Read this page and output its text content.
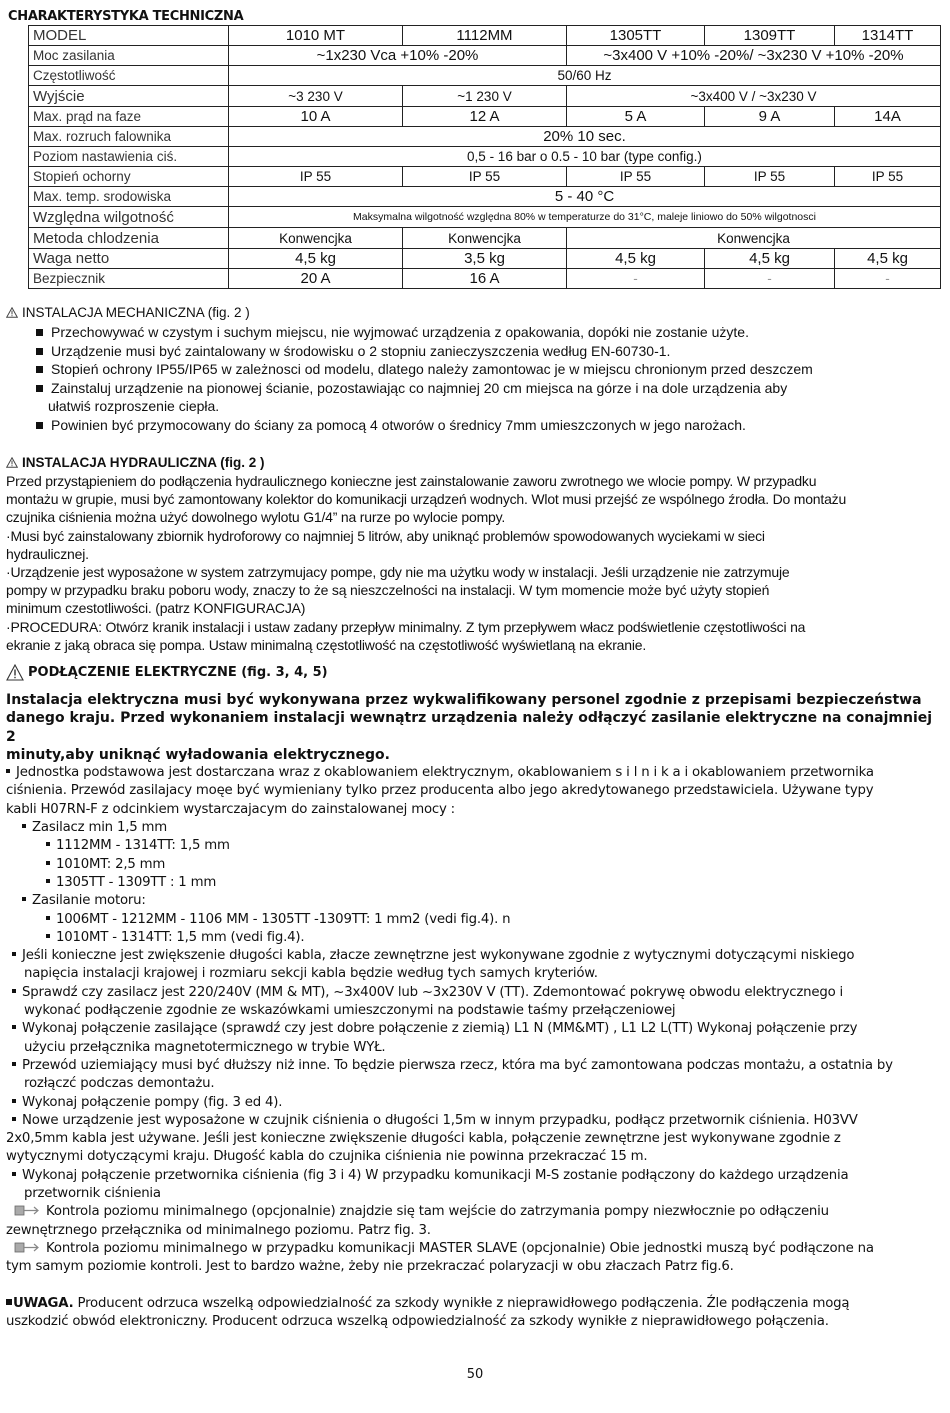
CHARAKTERYSTYKA TECHNICZNA
MODEL	1010 MT	1112MM	1305TT	1309TT	1314TT
Moc zasilania	~1x230 Vca +10% -20%		~3x400 V +10% -20%/ ~3x230 V +10% -20%		
Częstotliwość	50/60 Hz				
Wyjście	~3 230 V	~1 230 V	~3x400 V / ~3x230 V		
Max. prąd na faze	10 A	12 A	5 A	9 A	14A
Max. rozruch falownika	20% 10 sec.				
Poziom nastawienia ciś.	0,5 - 16 bar o 0.5 - 10 bar (type config.)				
Stopień ochorny	IP 55	IP 55	IP 55	IP 55	IP 55
Max. temp. srodowiska	5 - 40 °C				
Względna wilgotność	Maksymalna wilgotność względna 80% w temperaturze do 31°C, maleje liniowo do 50% wilgotnosci				
Metoda chlodzenia	Konwencjka	Konwencjka	Konwencjka		
Waga netto	4,5 kg	3,5 kg	4,5 kg	4,5 kg	4,5 kg
Bezpiecznik	20 A	16 A	-	-	-
INSTALACJA MECHANICZNA (fig. 2 )
Przechowywać w czystym i suchym miejscu, nie wyjmować urządzenia z opakowania, dopóki nie zostanie użyte.
Urządzenie musi być zaintalowany w środowisku o 2 stopniu zanieczyszczenia według EN-60730-1.
Stopień ochrony IP55/IP65 w zależnosci od modelu, dlatego należy zamontowac je w miejscu chronionym przed deszczem
Zainstaluj urządzenie na pionowej ścianie, pozostawiając co najmniej 20 cm miejsca na górze i na dole urządzenia aby
ułatwiś rozproszenie ciepła.
Powinien być przymocowany do ściany za pomocą 4 otworów o średnicy 7mm umieszczonych w jego narożach.
INSTALACJA HYDRAULICZNA (fig. 2 )
Przed przystąpieniem do podłączenia hydraulicznego konieczne jest zainstalowanie zaworu zwrotnego we wlocie pompy. W przypadku
montażu w grupie, musi być zamontowany kolektor do komunikacji urządzeń wodnych. Wlot musi przejść ze wspólnego źrodła. Do montażu
czujnika ciśnienia można użyć dowolnego wylotu G1/4” na rurze po wylocie pompy.
·Musi być zainstalowany zbiornik hydroforowy co najmniej 5 litrów, aby uniknąć problemów spowodowanych wyciekami w sieci
hydraulicznej.
·Urządzenie jest wyposażone w system zatrzymujacy pompe, gdy nie ma użytku wody w instalacji. Jeśli urządzenie nie zatrzymuje
pompy w przypadku braku poboru wody, znaczy to że są nieszczelności na instalacji. W tym momencie może być użyty stopień
minimum czestotliwości. (patrz KONFIGURACJA)
·PROCEDURA: Otwórz kranik instalacji i ustaw zadany przepływ minimalny. Z tym przepływem włacz podświetlenie częstotliwości na
ekranie z jaką obraca się pompa. Ustaw minimalną częstotliwość na częstotliwość wyświetlaną na ekranie.
PODŁĄCZENIE ELEKTRYCZNE (fig. 3, 4, 5)
Instalacja elektryczna musi być wykonywana przez wykwalifikowany personel zgodnie z przepisami bezpieczeństwa
danego kraju. Przed wykonaniem instalacji wewnątrz urządzenia należy odłączyć zasilanie elektryczne na conajmniej 2
minuty,aby uniknąć wyładowania elektrycznego.
Jednostka podstawowa jest dostarczana wraz z okablowaniem elektrycznym, okablowaniem s i l n i k a i okablowaniem przetwornika
ciśnienia. Przewód zasilajacy moęe być wymieniany tylko przez producenta albo jego akredytowanego przedstawiciela. Używane typy
kabli H07RN-F z odcinkiem wystarczajacym do zainstalowanej mocy :
Zasilacz min 1,5 mm
1112MM - 1314TT: 1,5 mm
1010MT: 2,5 mm
1305TT - 1309TT : 1 mm
Zasilanie motoru:
1006MT - 1212MM - 1106 MM - 1305TT -1309TT: 1 mm2 (vedi fig.4). n
1010MT - 1314TT: 1,5 mm (vedi fig.4).
Jeśli konieczne jest zwiększenie długości kabla, złacze zewnętrzne jest wykonywane zgodnie z wytycznymi dotyczącymi niskiego
napięcia instalacji krajowej i rozmiaru sekcji kabla będzie według tych samych kryteriów.
Sprawdź czy zasilacz jest 220/240V (MM & MT), ~3x400V lub ~3x230V V (TT). Zdemontować pokrywę obwodu elektrycznego i
wykonać podłączenie zgodnie ze wskazówkami umieszczonymi na podstawie taśmy przełączeniowej
Wykonaj połączenie zasilające (sprawdź czy jest dobre połączenie z ziemią) L1 N (MM&MT) , L1 L2 L(TT) Wykonaj połączenie przy
użyciu przełącznika magnetotermicznego w trybie WYŁ.
Przewód uziemiający musi być dłuższy niż inne. To będzie pierwsza rzecz, która ma być zamontowana podczas montażu, a ostatnia by
rozłączć podczas demontażu.
Wykonaj połączenie pompy (fig. 3 ed 4).
Nowe urządzenie jest wyposażone w czujnik ciśnienia o długości 1,5m w innym przypadku, podłącz przetwornik ciśnienia. H03VV
2x0,5mm kabla jest używane. Jeśli jest konieczne zwiększenie długości kabla, połączenie zewnętrzne jest wykonywane zgodnie z
wytycznymi dotyczącymi kraju. Długość kabla do czujnika ciśnienia nie powinna przekraczać 15 m.
Wykonaj połączenie przetwornika ciśnienia (fig 3 i 4) W przypadku komunikacji M-S zostanie podłączony do każdego urządzenia
przetwornik ciśnienia
Kontrola poziomu minimalnego (opcjonalnie) znajdzie się tam wejście do zatrzymania pompy niezwłocznie po odłączeniu
zewnętrznego przełącznika od minimalnego poziomu. Patrz fig. 3.
Kontrola poziomu minimalnego w przypadku komunikacji MASTER SLAVE (opcjonalnie) Obie jednostki muszą być podłączone na
tym samym poziomie kontroli. Jest to bardzo ważne, żeby nie przekraczać polaryzacji w obu złaczach Patrz fig.6.
UWAGA. Producent odrzuca wszelką odpowiedzialność za szkody wynikłe z nieprawidłowego podłączenia. Źle podłączenia mogą
uszkodzić obwód elektroniczny. Producent odrzuca wszelką odpowiedzialność za szkody wynikłe z nieprawidłowego połączenia.
50
